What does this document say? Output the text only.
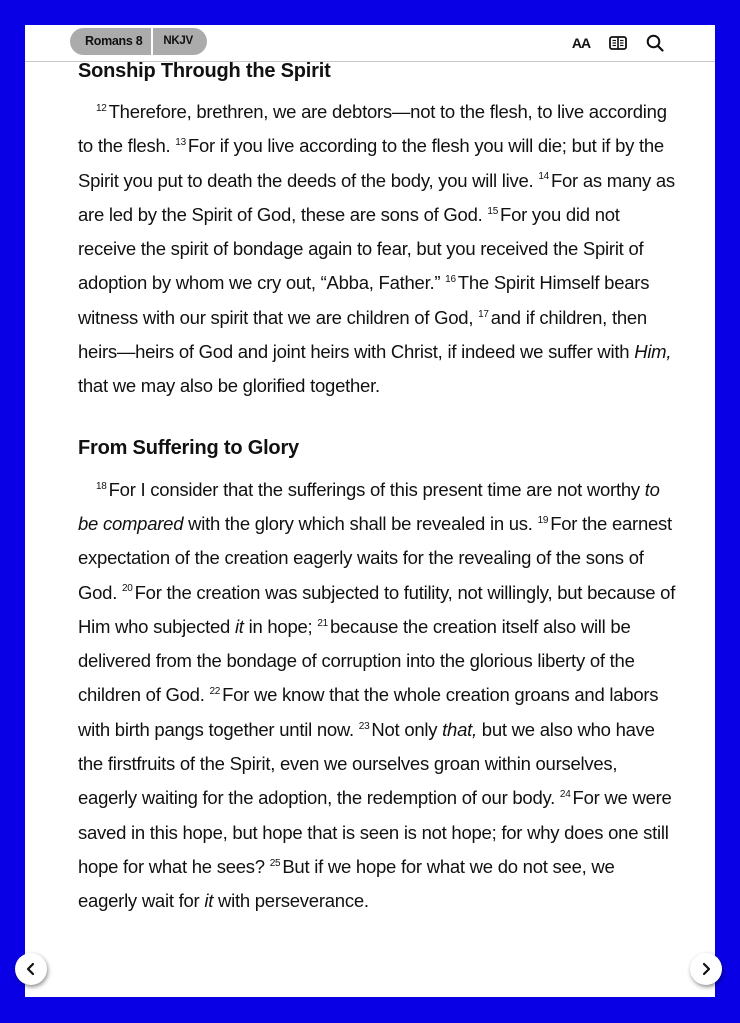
Romans 8	NKJV	AA
Sonship Through the Spirit

$^{12}$ Therefore, brethren, we are debtors—not to the flesh, to live according to the flesh. $^{13}$ For if you live according to the flesh you will die; but if by the Spirit you put to death the deeds of the body, you will live. $^{14}$ For as many as are led by the Spirit of God, these are sons of God. $^{15}$ For you did not receive the spirit of bondage again to fear, but you received the Spirit of adoption by whom we cry out, “Abba, Father.” $^{16}$ The Spirit Himself bears witness with our spirit that we are children of God, $^{17}$ and if children, then heirs—heirs of God and joint heirs with Christ, if indeed we suffer with Him, that we may also be glorified together.

From Suffering to Glory

$^{18}$ For I consider that the sufferings of this present time are not worthy to be compared with the glory which shall be revealed in us. $^{19}$ For the earnest expectation of the creation eagerly waits for the revealing of the sons of God. $^{20}$ For the creation was subjected to futility, not willingly, but because of Him who subjected it in hope; $^{21}$ because the creation itself also will be delivered from the bondage of corruption into the glorious liberty of the children of God. $^{22}$ For we know that the whole creation groans and labors with birth pangs together until now. $^{23}$ Not only that, but we also who have the firstfruits of the Spirit, even we ourselves groan within ourselves, eagerly waiting for the adoption, the redemption of our body. $^{24}$ For we were saved in this hope, but hope that is seen is not hope; for why does one still hope for what he sees? $^{25}$ But if we hope for what we do not see, we eagerly wait for it with perseverance.
